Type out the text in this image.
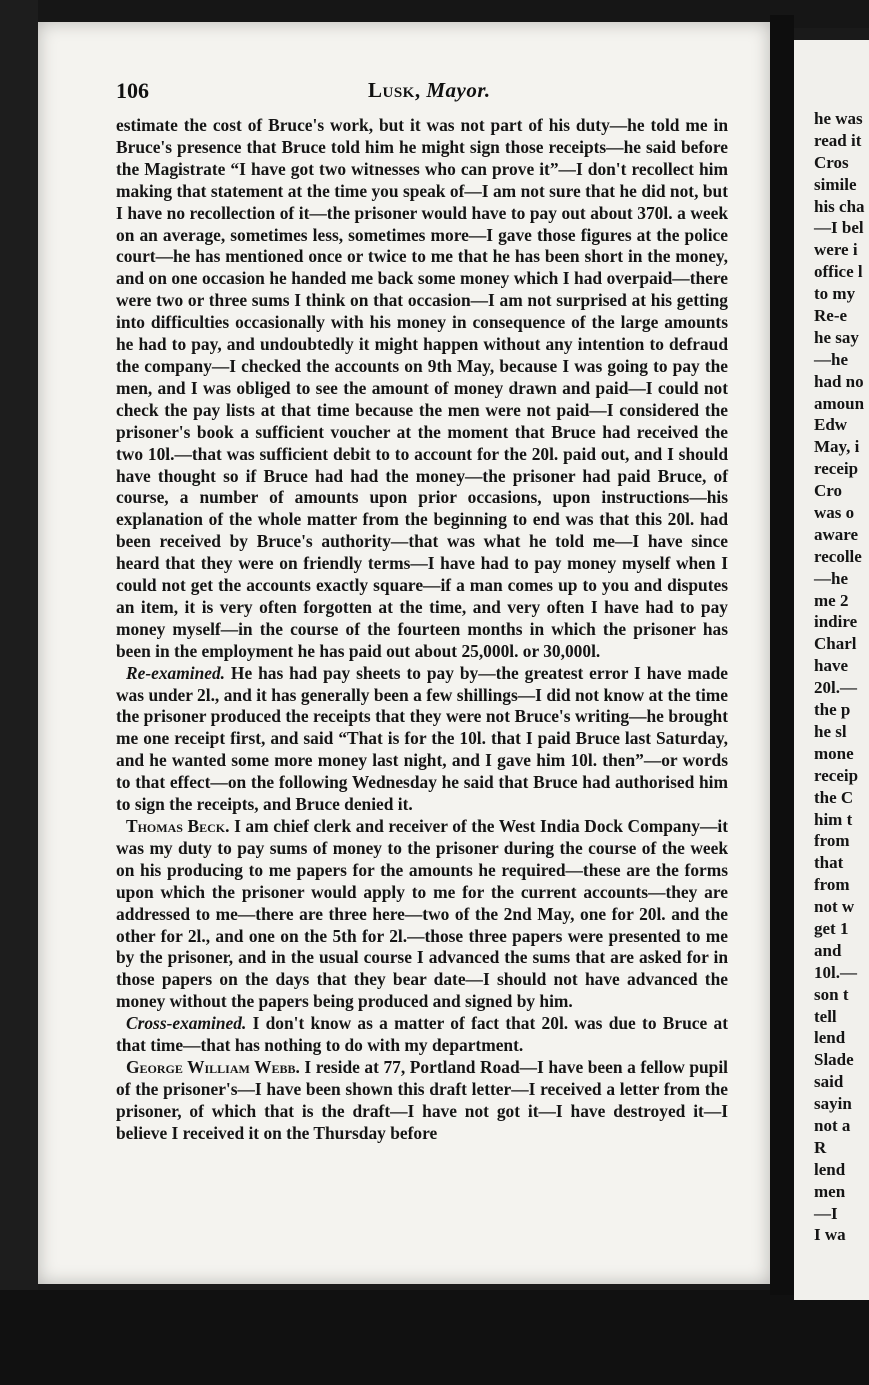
106	Lusk, Mayor.

estimate the cost of Bruce's work, but it was not part of his duty—he told me in Bruce's presence that Bruce told him he might sign those receipts—he said before the Magistrate “I have got two witnesses who can prove it”—I don't recollect him making that statement at the time you speak of—I am not sure that he did not, but I have no recollection of it—the prisoner would have to pay out about 370l. a week on an average, sometimes less, sometimes more—I gave those figures at the police court—he has mentioned once or twice to me that he has been short in the money, and on one occasion he handed me back some money which I had overpaid—there were two or three sums I think on that occasion—I am not surprised at his getting into difficulties occasionally with his money in consequence of the large amounts he had to pay, and undoubtedly it might happen without any intention to defraud the company—I checked the accounts on 9th May, because I was going to pay the men, and I was obliged to see the amount of money drawn and paid—I could not check the pay lists at that time because the men were not paid—I considered the prisoner's book a sufficient voucher at the moment that Bruce had received the two 10l.—that was sufficient debit to to account for the 20l. paid out, and I should have thought so if Bruce had had the money—the prisoner had paid Bruce, of course, a number of amounts upon prior occasions, upon instructions—his explanation of the whole matter from the beginning to end was that this 20l. had been received by Bruce's authority—that was what he told me—I have since heard that they were on friendly terms—I have had to pay money myself when I could not get the accounts exactly square—if a man comes up to you and disputes an item, it is very often forgotten at the time, and very often I have had to pay money myself—in the course of the fourteen months in which the prisoner has been in the employment he has paid out about 25,000l. or 30,000l.

Re-examined. He has had pay sheets to pay by—the greatest error I have made was under 2l., and it has generally been a few shillings—I did not know at the time the prisoner produced the receipts that they were not Bruce's writing—he brought me one receipt first, and said “That is for the 10l. that I paid Bruce last Saturday, and he wanted some more money last night, and I gave him 10l. then”—or words to that effect—on the following Wednesday he said that Bruce had authorised him to sign the receipts, and Bruce denied it.

Thomas Beck. I am chief clerk and receiver of the West India Dock Company—it was my duty to pay sums of money to the prisoner during the course of the week on his producing to me papers for the amounts he required—these are the forms upon which the prisoner would apply to me for the current accounts—they are addressed to me—there are three here—two of the 2nd May, one for 20l. and the other for 2l., and one on the 5th for 2l.—those three papers were presented to me by the prisoner, and in the usual course I advanced the sums that are asked for in those papers on the days that they bear date—I should not have advanced the money without the papers being produced and signed by him.

Cross-examined. I don't know as a matter of fact that 20l. was due to Bruce at that time—that has nothing to do with my department.

George William Webb. I reside at 77, Portland Road—I have been a fellow pupil of the prisoner's—I have been shown this draft letter—I received a letter from the prisoner, of which that is the draft—I have not got it—I have destroyed it—I believe I received it on the Thursday before

he was
read it
Cros
simile
his cha
—I bel
were i
office l
to my
Re-e
he say
—he
had no
amoun
Edw
May, i
receip
Cro
was o
aware
recolle
—he
me 2
indire
Charl
have
20l.—
the p
he sl
mone
receip
the C
him t
from
that
from
not w
get 1
and
10l.—
son t
tell
lend
Slade
said
sayin
not a
R
lend
men
—I
I wa
